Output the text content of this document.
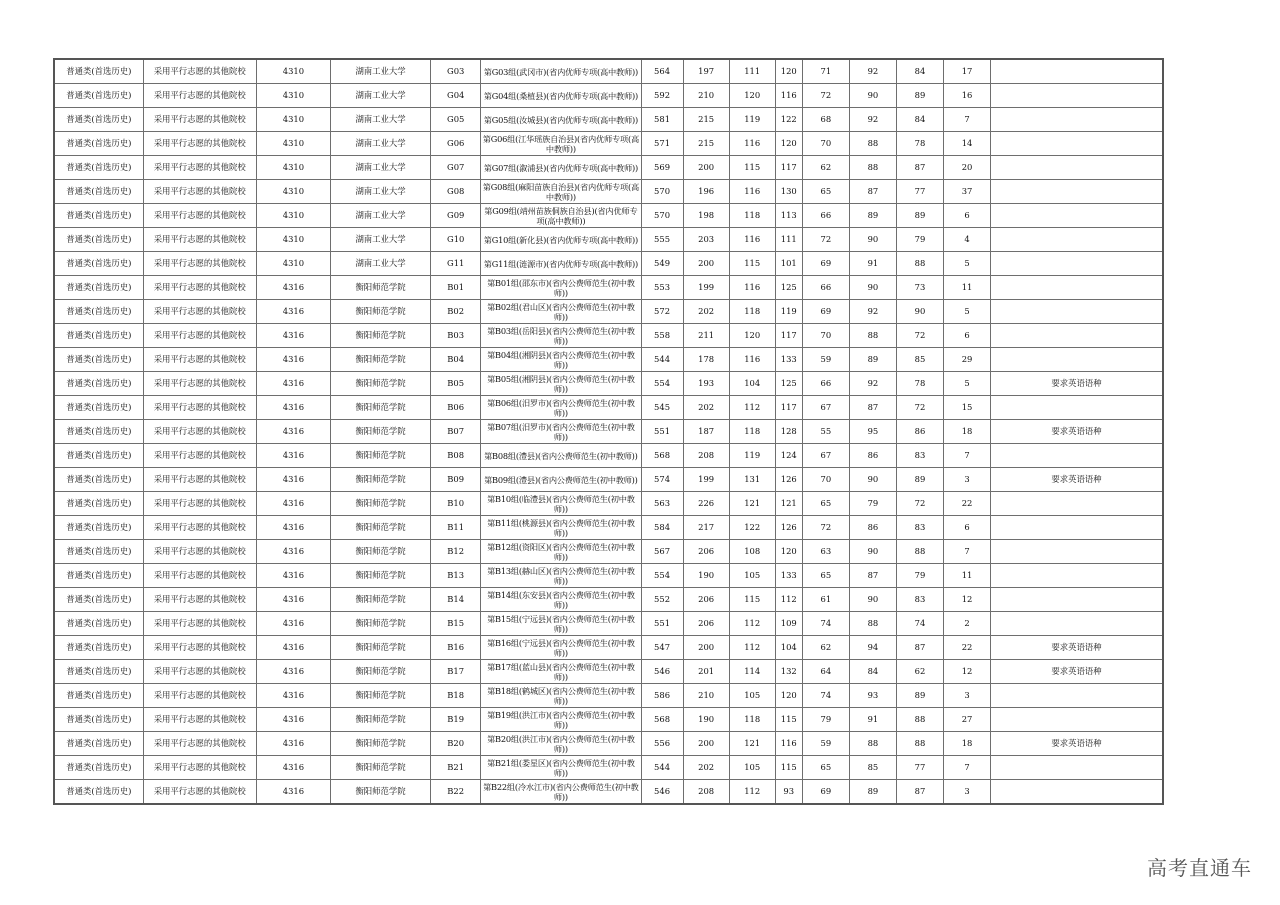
普通类(首选历史)	采用平行志愿的其他院校	4310	湖南工业大学	G03	第G03组(武冈市)(省内优师专项(高中教师))	564	197	111	120	71	92	84	17	
普通类(首选历史)	采用平行志愿的其他院校	4310	湖南工业大学	G04	第G04组(桑植县)(省内优师专项(高中教师))	592	210	120	116	72	90	89	16	
普通类(首选历史)	采用平行志愿的其他院校	4310	湖南工业大学	G05	第G05组(汝城县)(省内优师专项(高中教师))	581	215	119	122	68	92	84	7	
普通类(首选历史)	采用平行志愿的其他院校	4310	湖南工业大学	G06	第G06组(江华瑶族自治县)(省内优师专项(高中教师))	571	215	116	120	70	88	78	14	
普通类(首选历史)	采用平行志愿的其他院校	4310	湖南工业大学	G07	第G07组(溆浦县)(省内优师专项(高中教师))	569	200	115	117	62	88	87	20	
普通类(首选历史)	采用平行志愿的其他院校	4310	湖南工业大学	G08	第G08组(麻阳苗族自治县)(省内优师专项(高中教师))	570	196	116	130	65	87	77	37	
普通类(首选历史)	采用平行志愿的其他院校	4310	湖南工业大学	G09	第G09组(靖州苗族侗族自治县)(省内优师专项(高中教师))	570	198	118	113	66	89	89	6	
普通类(首选历史)	采用平行志愿的其他院校	4310	湖南工业大学	G10	第G10组(新化县)(省内优师专项(高中教师))	555	203	116	111	72	90	79	4	
普通类(首选历史)	采用平行志愿的其他院校	4310	湖南工业大学	G11	第G11组(涟源市)(省内优师专项(高中教师))	549	200	115	101	69	91	88	5	
普通类(首选历史)	采用平行志愿的其他院校	4316	衡阳师范学院	B01	第B01组(邵东市)(省内公费师范生(初中教师))	553	199	116	125	66	90	73	11	
普通类(首选历史)	采用平行志愿的其他院校	4316	衡阳师范学院	B02	第B02组(君山区)(省内公费师范生(初中教师))	572	202	118	119	69	92	90	5	
普通类(首选历史)	采用平行志愿的其他院校	4316	衡阳师范学院	B03	第B03组(岳阳县)(省内公费师范生(初中教师))	558	211	120	117	70	88	72	6	
普通类(首选历史)	采用平行志愿的其他院校	4316	衡阳师范学院	B04	第B04组(湘阴县)(省内公费师范生(初中教师))	544	178	116	133	59	89	85	29	
普通类(首选历史)	采用平行志愿的其他院校	4316	衡阳师范学院	B05	第B05组(湘阴县)(省内公费师范生(初中教师))	554	193	104	125	66	92	78	5	要求英语语种
普通类(首选历史)	采用平行志愿的其他院校	4316	衡阳师范学院	B06	第B06组(汨罗市)(省内公费师范生(初中教师))	545	202	112	117	67	87	72	15	
普通类(首选历史)	采用平行志愿的其他院校	4316	衡阳师范学院	B07	第B07组(汨罗市)(省内公费师范生(初中教师))	551	187	118	128	55	95	86	18	要求英语语种
普通类(首选历史)	采用平行志愿的其他院校	4316	衡阳师范学院	B08	第B08组(澧县)(省内公费师范生(初中教师))	568	208	119	124	67	86	83	7	
普通类(首选历史)	采用平行志愿的其他院校	4316	衡阳师范学院	B09	第B09组(澧县)(省内公费师范生(初中教师))	574	199	131	126	70	90	89	3	要求英语语种
普通类(首选历史)	采用平行志愿的其他院校	4316	衡阳师范学院	B10	第B10组(临澧县)(省内公费师范生(初中教师))	563	226	121	121	65	79	72	22	
普通类(首选历史)	采用平行志愿的其他院校	4316	衡阳师范学院	B11	第B11组(桃源县)(省内公费师范生(初中教师))	584	217	122	126	72	86	83	6	
普通类(首选历史)	采用平行志愿的其他院校	4316	衡阳师范学院	B12	第B12组(资阳区)(省内公费师范生(初中教师))	567	206	108	120	63	90	88	7	
普通类(首选历史)	采用平行志愿的其他院校	4316	衡阳师范学院	B13	第B13组(赫山区)(省内公费师范生(初中教师))	554	190	105	133	65	87	79	11	
普通类(首选历史)	采用平行志愿的其他院校	4316	衡阳师范学院	B14	第B14组(东安县)(省内公费师范生(初中教师))	552	206	115	112	61	90	83	12	
普通类(首选历史)	采用平行志愿的其他院校	4316	衡阳师范学院	B15	第B15组(宁远县)(省内公费师范生(初中教师))	551	206	112	109	74	88	74	2	
普通类(首选历史)	采用平行志愿的其他院校	4316	衡阳师范学院	B16	第B16组(宁远县)(省内公费师范生(初中教师))	547	200	112	104	62	94	87	22	要求英语语种
普通类(首选历史)	采用平行志愿的其他院校	4316	衡阳师范学院	B17	第B17组(蓝山县)(省内公费师范生(初中教师))	546	201	114	132	64	84	62	12	要求英语语种
普通类(首选历史)	采用平行志愿的其他院校	4316	衡阳师范学院	B18	第B18组(鹤城区)(省内公费师范生(初中教师))	586	210	105	120	74	93	89	3	
普通类(首选历史)	采用平行志愿的其他院校	4316	衡阳师范学院	B19	第B19组(洪江市)(省内公费师范生(初中教师))	568	190	118	115	79	91	88	27	
普通类(首选历史)	采用平行志愿的其他院校	4316	衡阳师范学院	B20	第B20组(洪江市)(省内公费师范生(初中教师))	556	200	121	116	59	88	88	18	要求英语语种
普通类(首选历史)	采用平行志愿的其他院校	4316	衡阳师范学院	B21	第B21组(娄星区)(省内公费师范生(初中教师))	544	202	105	115	65	85	77	7	
普通类(首选历史)	采用平行志愿的其他院校	4316	衡阳师范学院	B22	第B22组(冷水江市)(省内公费师范生(初中教师))	546	208	112	93	69	89	87	3	
高考直通车
